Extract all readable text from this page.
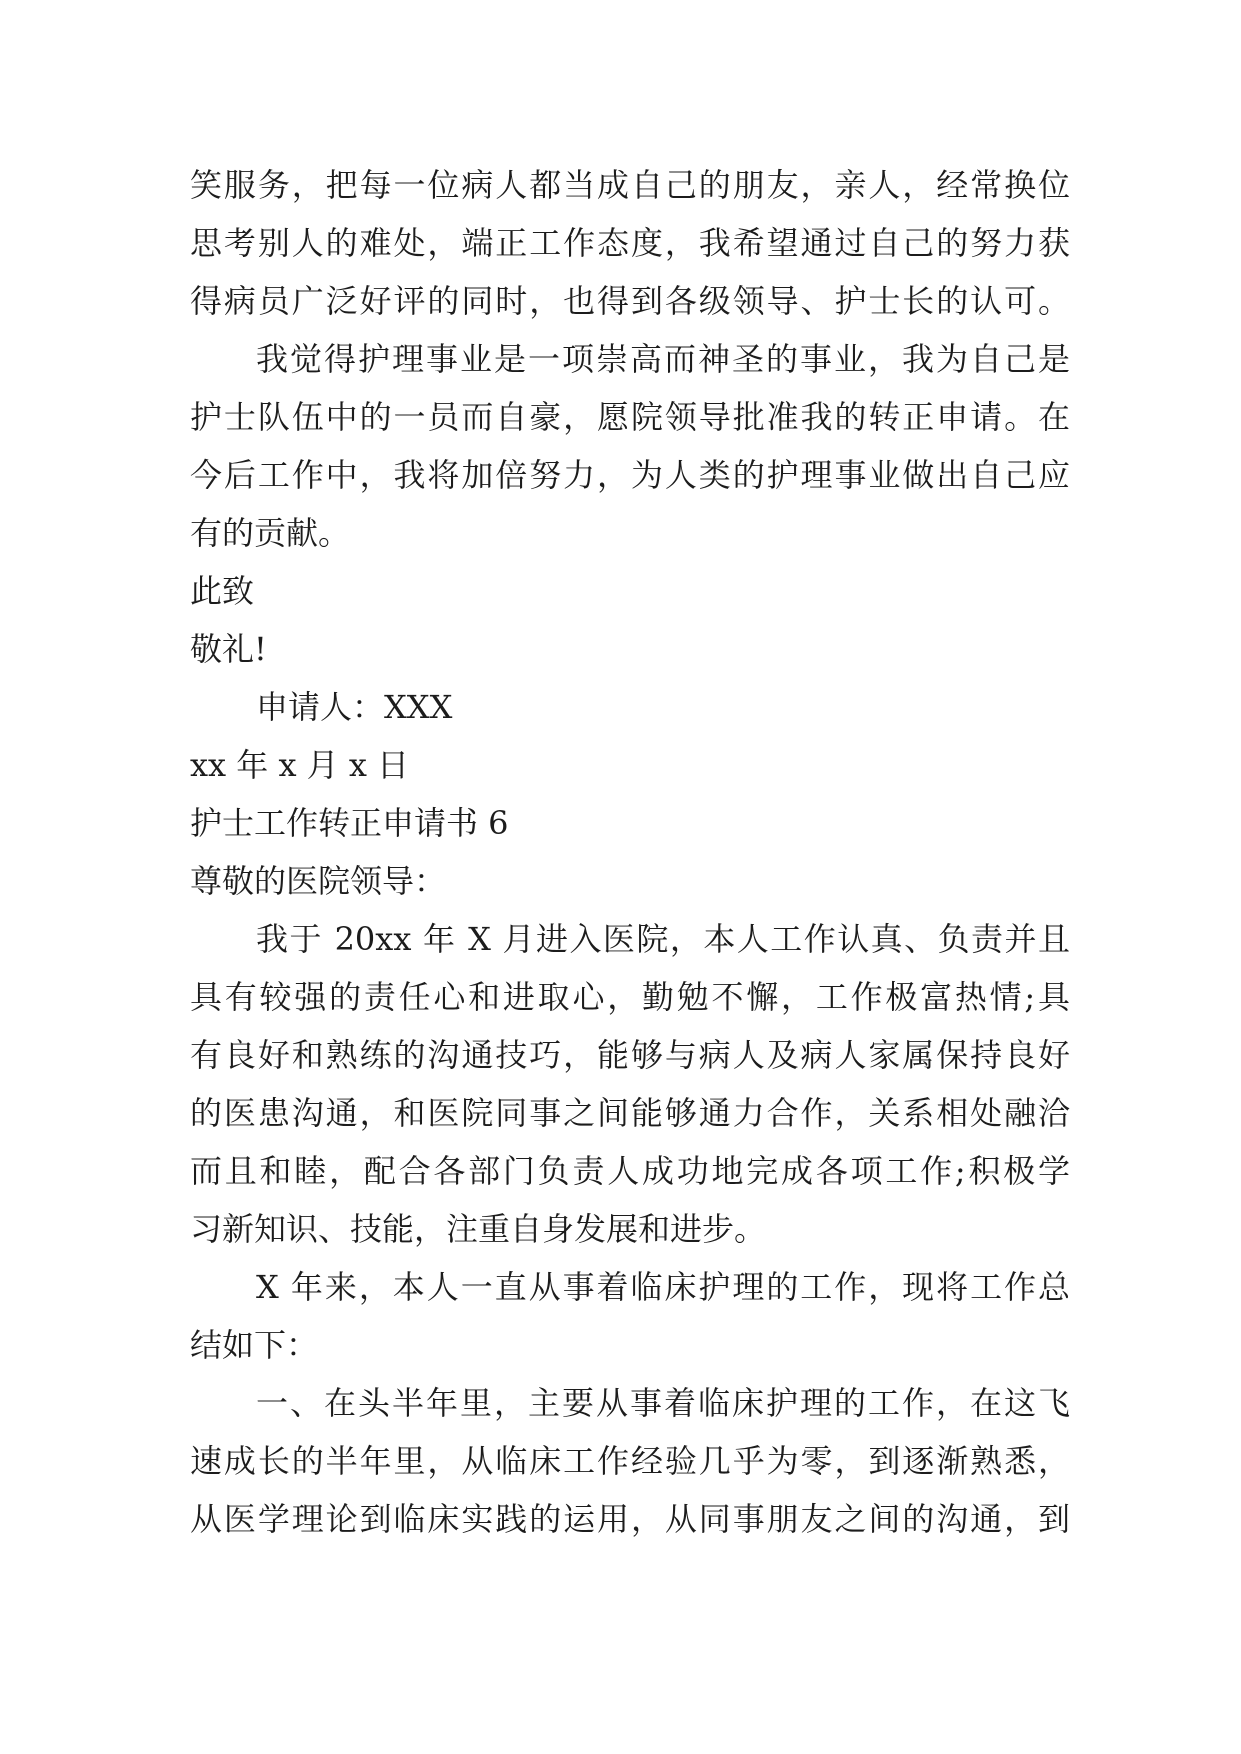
笑服务，把每一位病人都当成自己的朋友，亲人，经常换位
思考别人的难处，端正工作态度，我希望通过自己的努力获
得病员广泛好评的同时，也得到各级领导、护士长的认可。
我觉得护理事业是一项崇高而神圣的事业，我为自己是
护士队伍中的一员而自豪，愿院领导批准我的转正申请。在
今后工作中，我将加倍努力，为人类的护理事业做出自己应
有的贡献。
此致
敬礼!
申请人：XXX
xx 年 x 月 x 日
护士工作转正申请书 6
尊敬的医院领导：
我于 20xx 年 X 月进入医院，本人工作认真、负责并且
具有较强的责任心和进取心，勤勉不懈，工作极富热情;具
有良好和熟练的沟通技巧，能够与病人及病人家属保持良好
的医患沟通，和医院同事之间能够通力合作，关系相处融洽
而且和睦，配合各部门负责人成功地完成各项工作;积极学
习新知识、技能，注重自身发展和进步。
X 年来，本人一直从事着临床护理的工作，现将工作总
结如下：
一、在头半年里，主要从事着临床护理的工作，在这飞
速成长的半年里，从临床工作经验几乎为零，到逐渐熟悉，
从医学理论到临床实践的运用，从同事朋友之间的沟通，到
